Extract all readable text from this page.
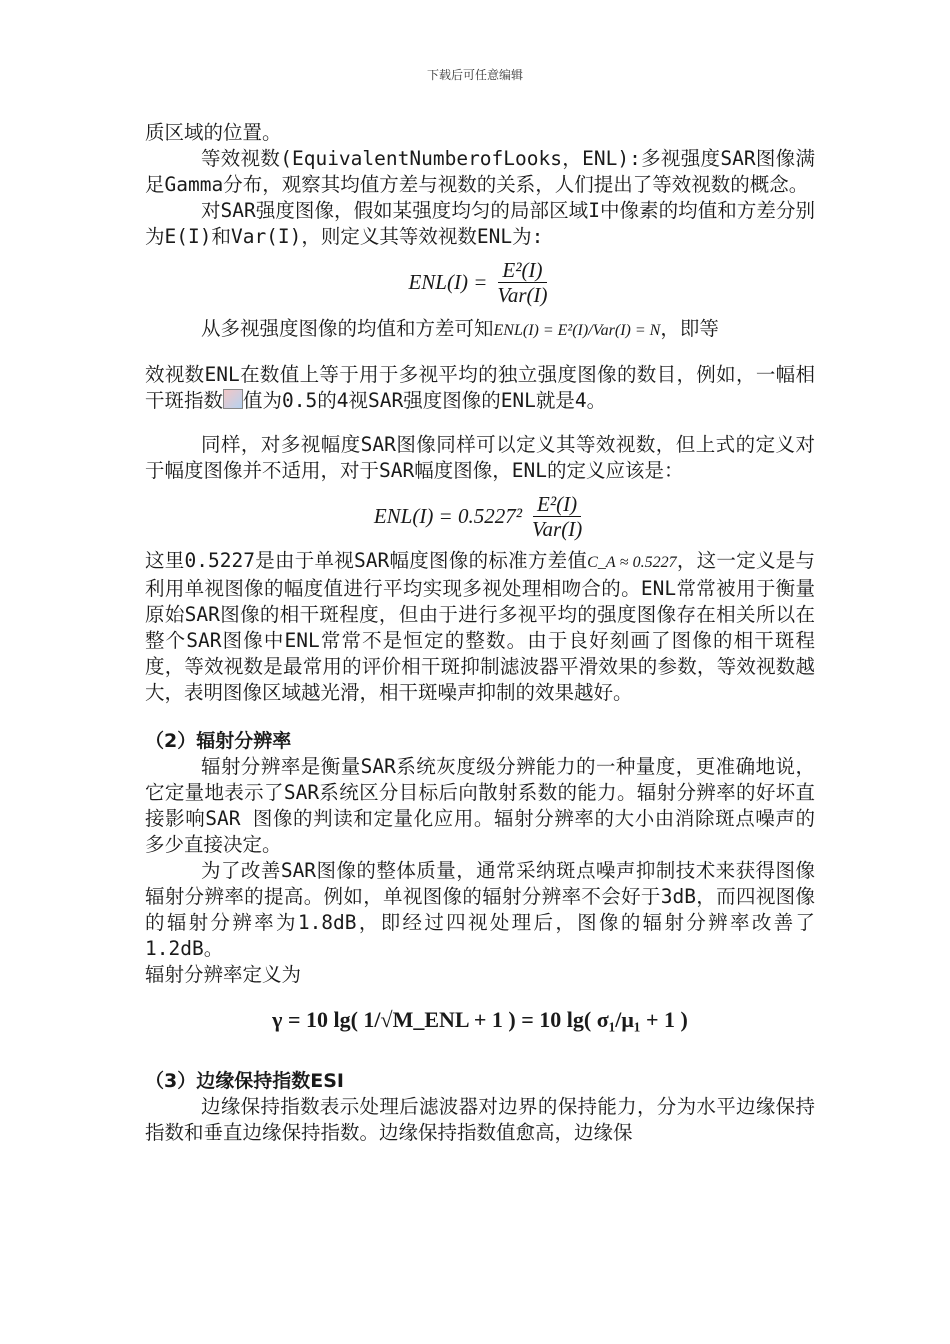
下载后可任意编辑

质区域的位置。

等效视数(EquivalentNumberofLooks，ENL):多视强度SAR图像满足Gamma分布，观察其均值方差与视数的关系，人们提出了等效视数的概念。

对SAR强度图像，假如某强度均匀的局部区域I中像素的均值和方差分别为E(I)和Var(I)，则定义其等效视数ENL为:

$ENL(I) = \frac{\text{E²(I)}}{\text{Var(I)}}$

从多视强度图像的均值和方差可知ENL(I) = E²(I)/Var(I) = N，即等

效视数ENL在数值上等于用于多视平均的独立强度图像的数目，例如，一幅相干斑指数 值为0.5的4视SAR强度图像的ENL就是4。

同样，对多视幅度SAR图像同样可以定义其等效视数，但上式的定义对于幅度图像并不适用，对于SAR幅度图像，ENL的定义应该是：

$ENL(I) = 0.5227^2 \frac{\text{E²(I)}}{\text{Var(I)}}$

这里0.5227是由于单视SAR幅度图像的标准方差值C_A ≈ 0.5227，这一定义是与利用单视图像的幅度值进行平均实现多视处理相吻合的。ENL常常被用于衡量原始SAR图像的相干斑程度，但由于进行多视平均的强度图像存在相关所以在整个SAR图像中ENL常常不是恒定的整数。由于良好刻画了图像的相干斑程度，等效视数是最常用的评价相干斑抑制滤波器平滑效果的参数，等效视数越大，表明图像区域越光滑，相干斑噪声抑制的效果越好。

（2）辐射分辨率

辐射分辨率是衡量SAR系统灰度级分辨能力的一种量度，更准确地说，它定量地表示了SAR系统区分目标后向散射系数的能力。辐射分辨率的好坏直接影响SAR 图像的判读和定量化应用。辐射分辨率的大小由消除斑点噪声的多少直接决定。

为了改善SAR图像的整体质量，通常采纳斑点噪声抑制技术来获得图像辐射分辨率的提高。例如，单视图像的辐射分辨率不会好于3dB，而四视图像的辐射分辨率为1.8dB，即经过四视处理后，图像的辐射分辨率改善了1.2dB。

辐射分辨率定义为

γ = 10 lg( 1/√M_ENL + 1 ) = 10 lg( σ₁/μ₁ + 1 )

（3）边缘保持指数ESI

边缘保持指数表示处理后滤波器对边界的保持能力，分为水平边缘保持指数和垂直边缘保持指数。边缘保持指数值愈高，边缘保
